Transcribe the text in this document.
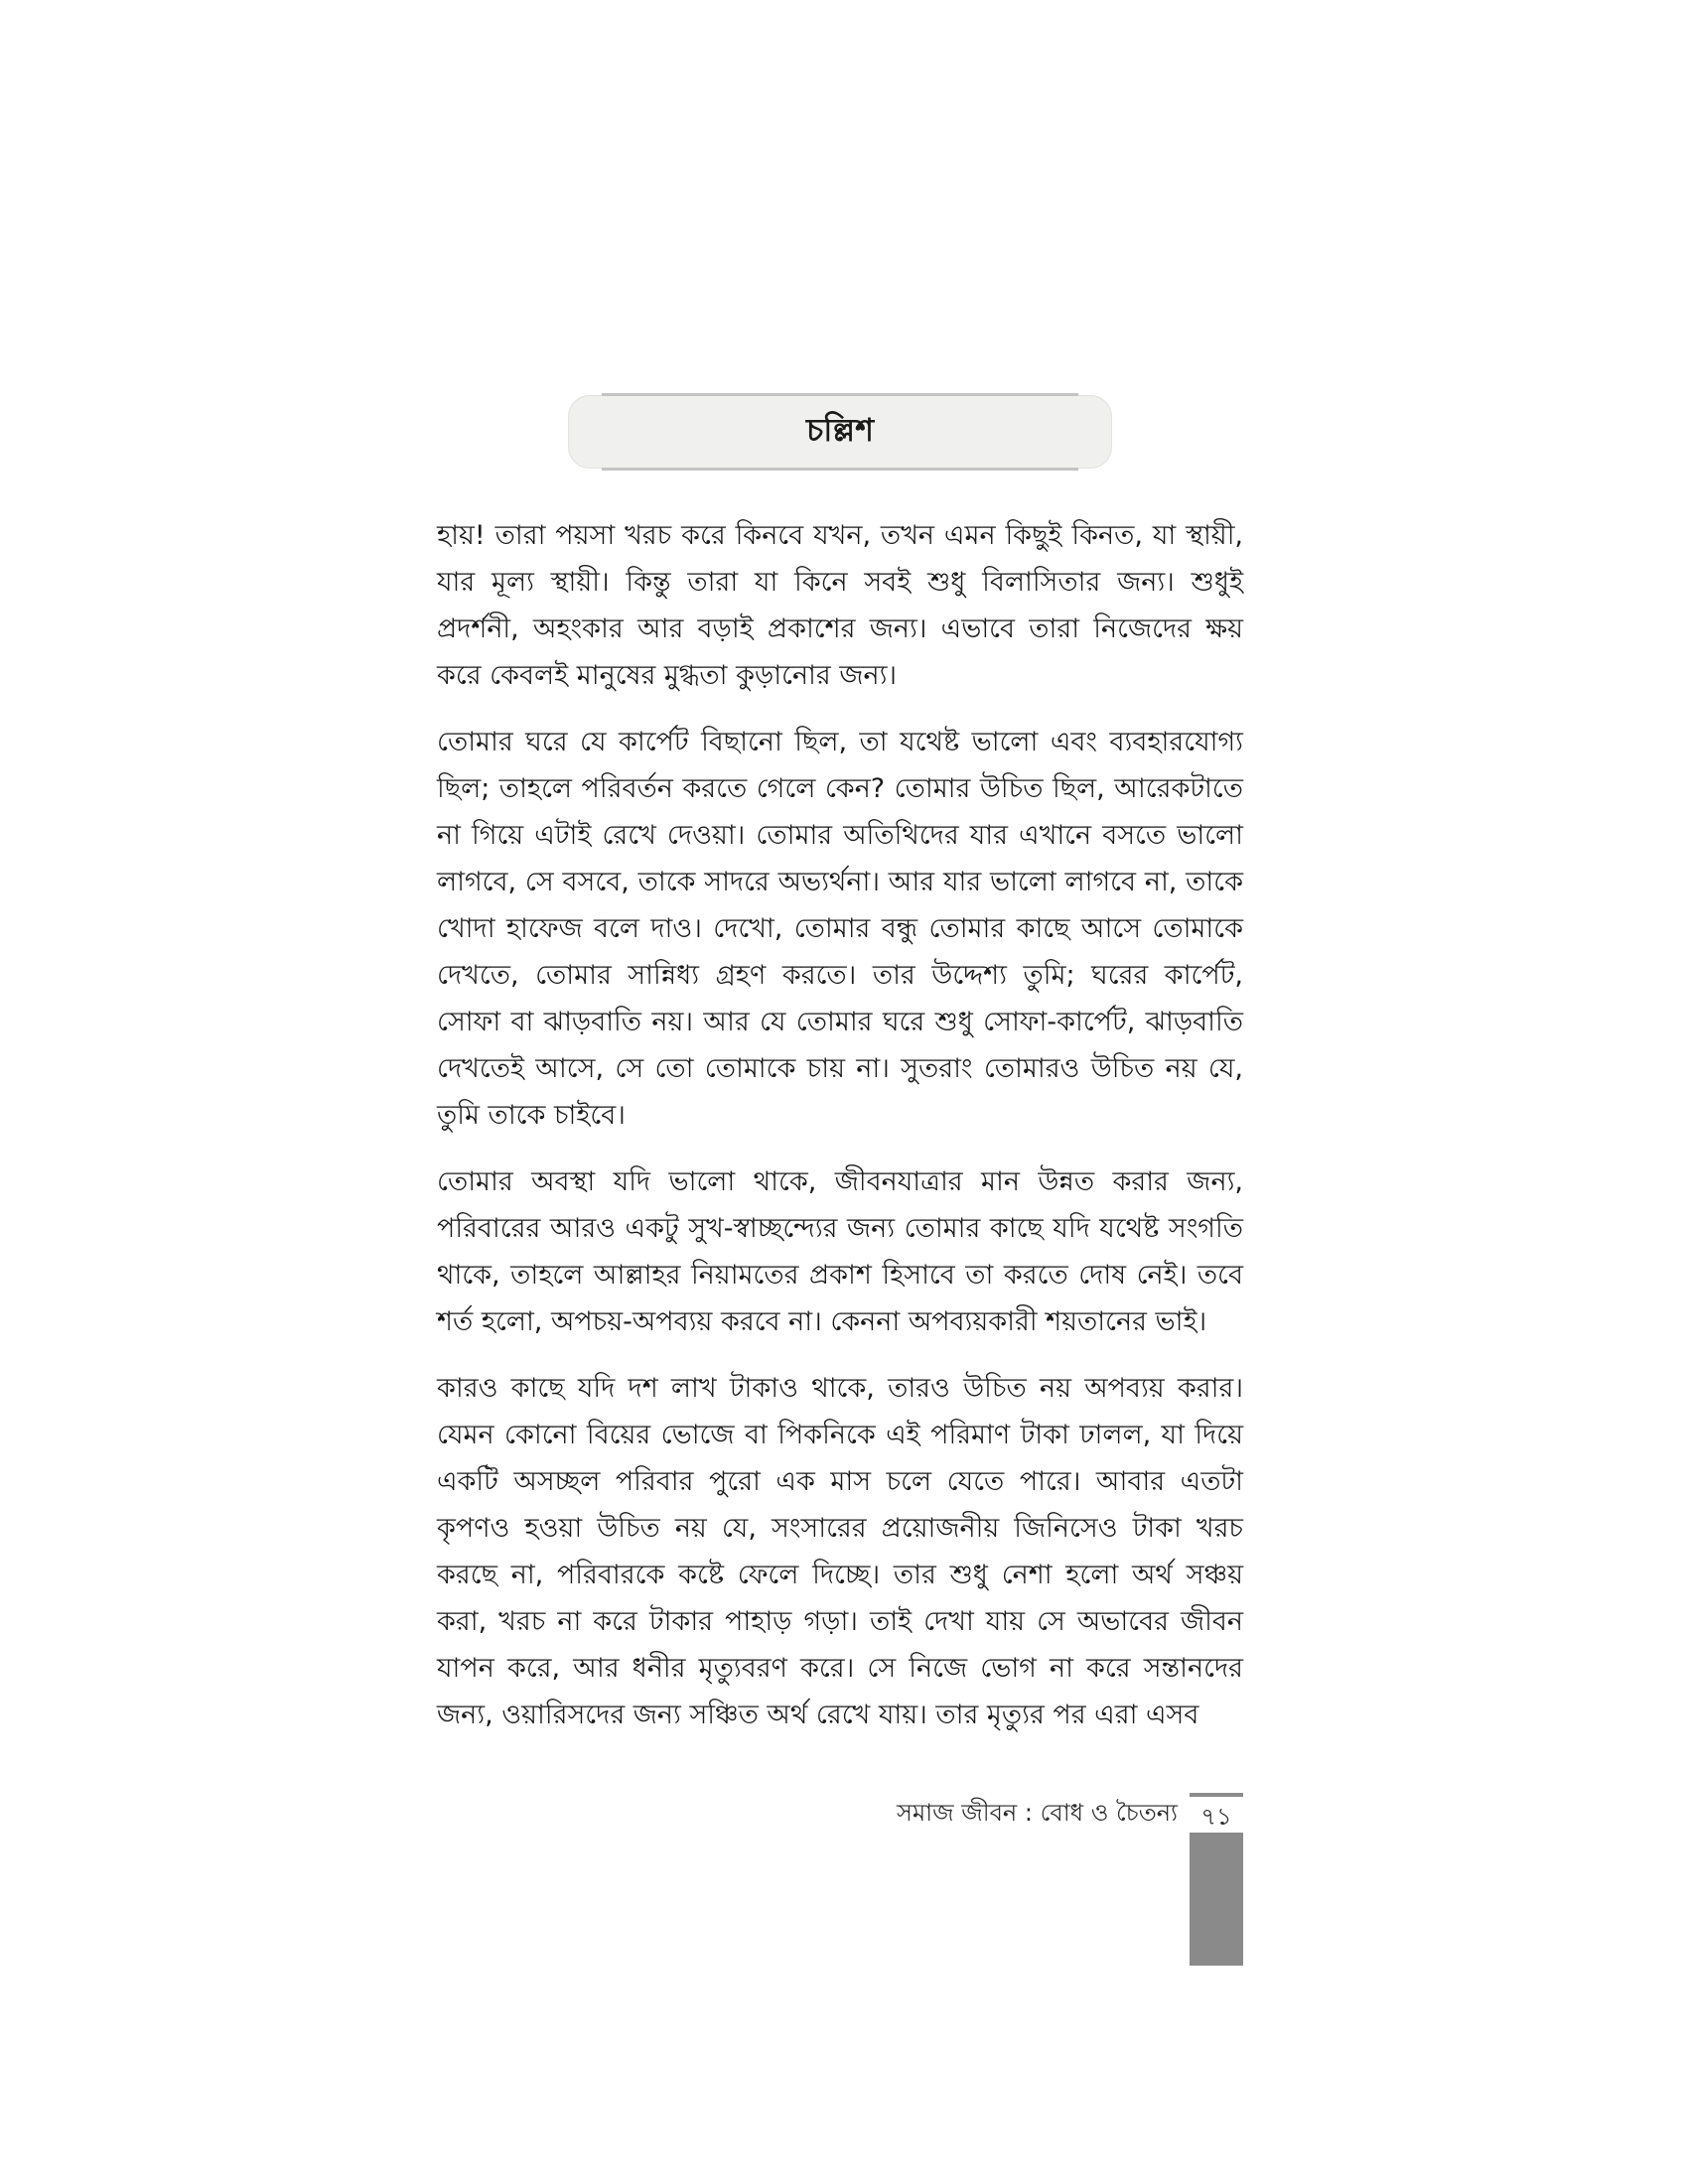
চল্লিশ

হায়! তারা পয়সা খরচ করে কিনবে যখন, তখন এমন কিছুই কিনত, যা স্থায়ী, যার মূল্য স্থায়ী। কিন্তু তারা যা কিনে সবই শুধু বিলাসিতার জন্য। শুধুই প্রদর্শনী, অহংকার আর বড়াই প্রকাশের জন্য। এভাবে তারা নিজেদের ক্ষয় করে কেবলই মানুষের মুগ্ধতা কুড়ানোর জন্য।

তোমার ঘরে যে কার্পেট বিছানো ছিল, তা যথেষ্ট ভালো এবং ব্যবহারযোগ্য ছিল; তাহলে পরিবর্তন করতে গেলে কেন? তোমার উচিত ছিল, আরেকটাতে না গিয়ে এটাই রেখে দেওয়া। তোমার অতিথিদের যার এখানে বসতে ভালো লাগবে, সে বসবে, তাকে সাদরে অভ্যর্থনা। আর যার ভালো লাগবে না, তাকে খোদা হাফেজ বলে দাও। দেখো, তোমার বন্ধু তোমার কাছে আসে তোমাকে দেখতে, তোমার সান্নিধ্য গ্রহণ করতে। তার উদ্দেশ্য তুমি; ঘরের কার্পেট, সোফা বা ঝাড়বাতি নয়। আর যে তোমার ঘরে শুধু সোফা-কার্পেট, ঝাড়বাতি দেখতেই আসে, সে তো তোমাকে চায় না। সুতরাং তোমারও উচিত নয় যে, তুমি তাকে চাইবে।

তোমার অবস্থা যদি ভালো থাকে, জীবনযাত্রার মান উন্নত করার জন্য, পরিবারের আরও একটু সুখ-স্বাচ্ছন্দ্যের জন্য তোমার কাছে যদি যথেষ্ট সংগতি থাকে, তাহলে আল্লাহর নিয়ামতের প্রকাশ হিসাবে তা করতে দোষ নেই। তবে শর্ত হলো, অপচয়-অপব্যয় করবে না। কেননা অপব্যয়কারী শয়তানের ভাই।

কারও কাছে যদি দশ লাখ টাকাও থাকে, তারও উচিত নয় অপব্যয় করার। যেমন কোনো বিয়ের ভোজে বা পিকনিকে এই পরিমাণ টাকা ঢালল, যা দিয়ে একটি অসচ্ছল পরিবার পুরো এক মাস চলে যেতে পারে। আবার এতটা কৃপণও হওয়া উচিত নয় যে, সংসারের প্রয়োজনীয় জিনিসেও টাকা খরচ করছে না, পরিবারকে কষ্টে ফেলে দিচ্ছে। তার শুধু নেশা হলো অর্থ সঞ্চয় করা, খরচ না করে টাকার পাহাড় গড়া। তাই দেখা যায় সে অভাবের জীবন যাপন করে, আর ধনীর মৃত্যুবরণ করে। সে নিজে ভোগ না করে সন্তানদের জন্য, ওয়ারিসদের জন্য সঞ্চিত অর্থ রেখে যায়। তার মৃত্যুর পর এরা এসব

সমাজ জীবন : বোধ ও চৈতন্য ৭১
